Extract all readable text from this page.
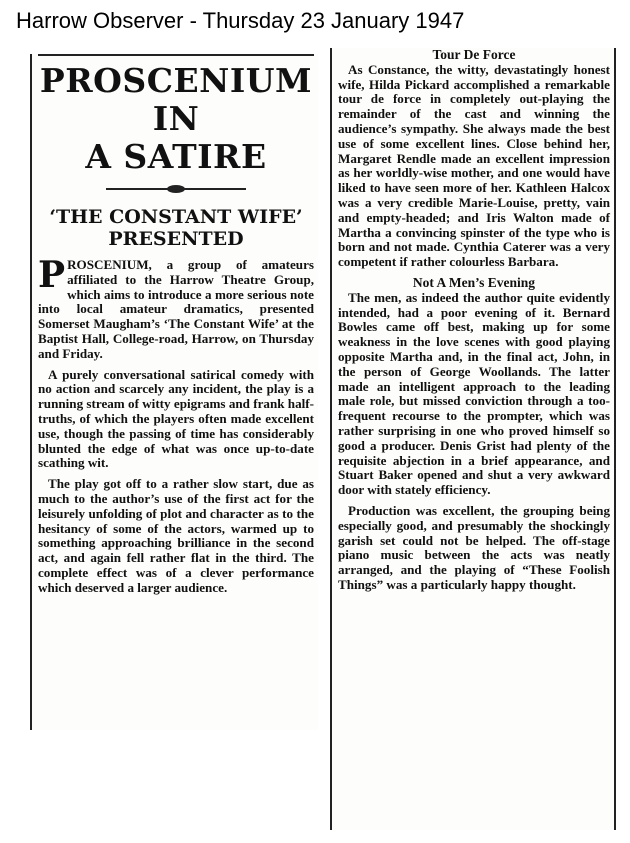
Harrow Observer - Thursday 23 January 1947
PROSCENIUM IN
A SATIRE
‘THE CONSTANT WIFE’
PRESENTED

PROSCENIUM, a group of amateurs affiliated to the Harrow Theatre Group, which aims to introduce a more serious note into local amateur dramatics, presented Somerset Maugham’s ‘The Constant Wife’ at the Baptist Hall, College-road, Harrow, on Thursday and Friday.

A purely conversational satirical comedy with no action and scarcely any incident, the play is a running stream of witty epigrams and frank half-truths, of which the players often made excellent use, though the passing of time has considerably blunted the edge of what was once up-to-date scathing wit.

The play got off to a rather slow start, due as much to the author’s use of the first act for the leisurely unfolding of plot and character as to the hesitancy of some of the actors, warmed up to something approaching brilliance in the second act, and again fell rather flat in the third. The complete effect was of a clever performance which deserved a larger audience.

Tour De Force

As Constance, the witty, devastatingly honest wife, Hilda Pickard accomplished a remarkable tour de force in completely out-playing the remainder of the cast and winning the audience’s sympathy. She always made the best use of some excellent lines. Close behind her, Margaret Rendle made an excellent impression as her worldly-wise mother, and one would have liked to have seen more of her. Kathleen Halcox was a very credible Marie-Louise, pretty, vain and empty-headed; and Iris Walton made of Martha a convincing spinster of the type who is born and not made. Cynthia Caterer was a very competent if rather colourless Barbara.

Not A Men’s Evening

The men, as indeed the author quite evidently intended, had a poor evening of it. Bernard Bowles came off best, making up for some weakness in the love scenes with good playing opposite Martha and, in the final act, John, in the person of George Woollands. The latter made an intelligent approach to the leading male role, but missed conviction through a too-frequent recourse to the prompter, which was rather surprising in one who proved himself so good a producer. Denis Grist had plenty of the requisite abjection in a brief appearance, and Stuart Baker opened and shut a very awkward door with stately efficiency.

Production was excellent, the grouping being especially good, and presumably the shockingly garish set could not be helped. The off-stage piano music between the acts was neatly arranged, and the playing of “These Foolish Things” was a particularly happy thought.
